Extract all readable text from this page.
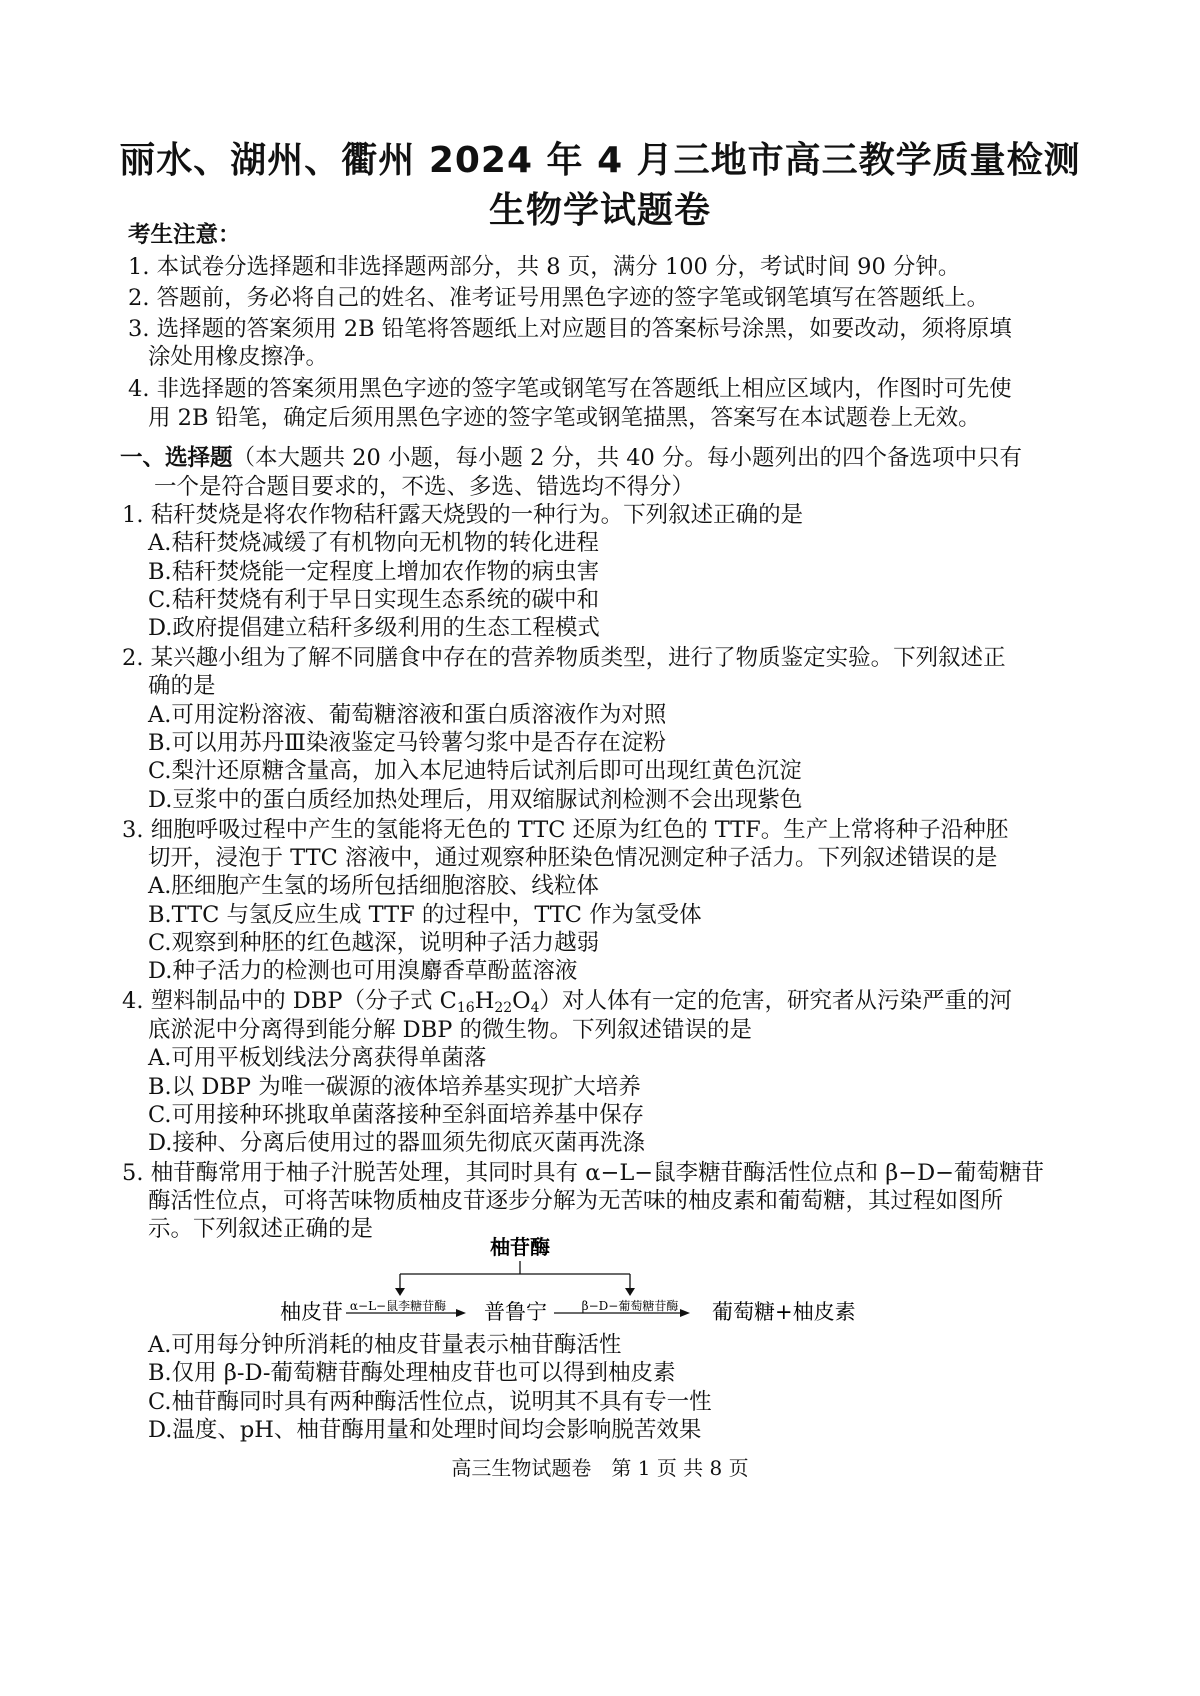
丽水、湖州、衢州 2024 年 4 月三地市高三教学质量检测
生物学试题卷
考生注意：
1. 本试卷分选择题和非选择题两部分，共 8 页，满分 100 分，考试时间 90 分钟。
2. 答题前，务必将自己的姓名、准考证号用黑色字迹的签字笔或钢笔填写在答题纸上。
3. 选择题的答案须用 2B 铅笔将答题纸上对应题目的答案标号涂黑，如要改动，须将原填
涂处用橡皮擦净。
4. 非选择题的答案须用黑色字迹的签字笔或钢笔写在答题纸上相应区域内，作图时可先使
用 2B 铅笔，确定后须用黑色字迹的签字笔或钢笔描黑，答案写在本试题卷上无效。
一、选择题（本大题共 20 小题，每小题 2 分，共 40 分。每小题列出的四个备选项中只有
一个是符合题目要求的，不选、多选、错选均不得分）
1. 秸秆焚烧是将农作物秸秆露天烧毁的一种行为。下列叙述正确的是
A.秸秆焚烧减缓了有机物向无机物的转化进程
B.秸秆焚烧能一定程度上增加农作物的病虫害
C.秸秆焚烧有利于早日实现生态系统的碳中和
D.政府提倡建立秸秆多级利用的生态工程模式
2. 某兴趣小组为了解不同膳食中存在的营养物质类型，进行了物质鉴定实验。下列叙述正
确的是
A.可用淀粉溶液、葡萄糖溶液和蛋白质溶液作为对照
B.可以用苏丹Ⅲ染液鉴定马铃薯匀浆中是否存在淀粉
C.梨汁还原糖含量高，加入本尼迪特后试剂后即可出现红黄色沉淀
D.豆浆中的蛋白质经加热处理后，用双缩脲试剂检测不会出现紫色
3. 细胞呼吸过程中产生的氢能将无色的 TTC 还原为红色的 TTF。生产上常将种子沿种胚
切开，浸泡于 TTC 溶液中，通过观察种胚染色情况测定种子活力。下列叙述错误的是
A.胚细胞产生氢的场所包括细胞溶胶、线粒体
B.TTC 与氢反应生成 TTF 的过程中，TTC 作为氢受体
C.观察到种胚的红色越深，说明种子活力越弱
D.种子活力的检测也可用溴麝香草酚蓝溶液
4. 塑料制品中的 DBP（分子式 $C_{16}H_{22}O_4$）对人体有一定的危害，研究者从污染严重的河
底淤泥中分离得到能分解 DBP 的微生物。下列叙述错误的是
A.可用平板划线法分离获得单菌落
B.以 DBP 为唯一碳源的液体培养基实现扩大培养
C.可用接种环挑取单菌落接种至斜面培养基中保存
D.接种、分离后使用过的器皿须先彻底灭菌再洗涤
5. 柚苷酶常用于柚子汁脱苦处理，其同时具有 α−L−鼠李糖苷酶活性位点和 β−D−葡萄糖苷
酶活性位点，可将苦味物质柚皮苷逐步分解为无苦味的柚皮素和葡萄糖，其过程如图所
示。下列叙述正确的是
柚苷酶
柚皮苷 α−L−鼠李糖苷酶 普鲁宁	β−D−葡萄糖苷酶 葡萄糖+柚皮素
A.可用每分钟所消耗的柚皮苷量表示柚苷酶活性
B.仅用 β-D-葡萄糖苷酶处理柚皮苷也可以得到柚皮素
C.柚苷酶同时具有两种酶活性位点，说明其不具有专一性
D.温度、pH、柚苷酶用量和处理时间均会影响脱苦效果
高三生物试题卷　第 1 页 共 8 页
